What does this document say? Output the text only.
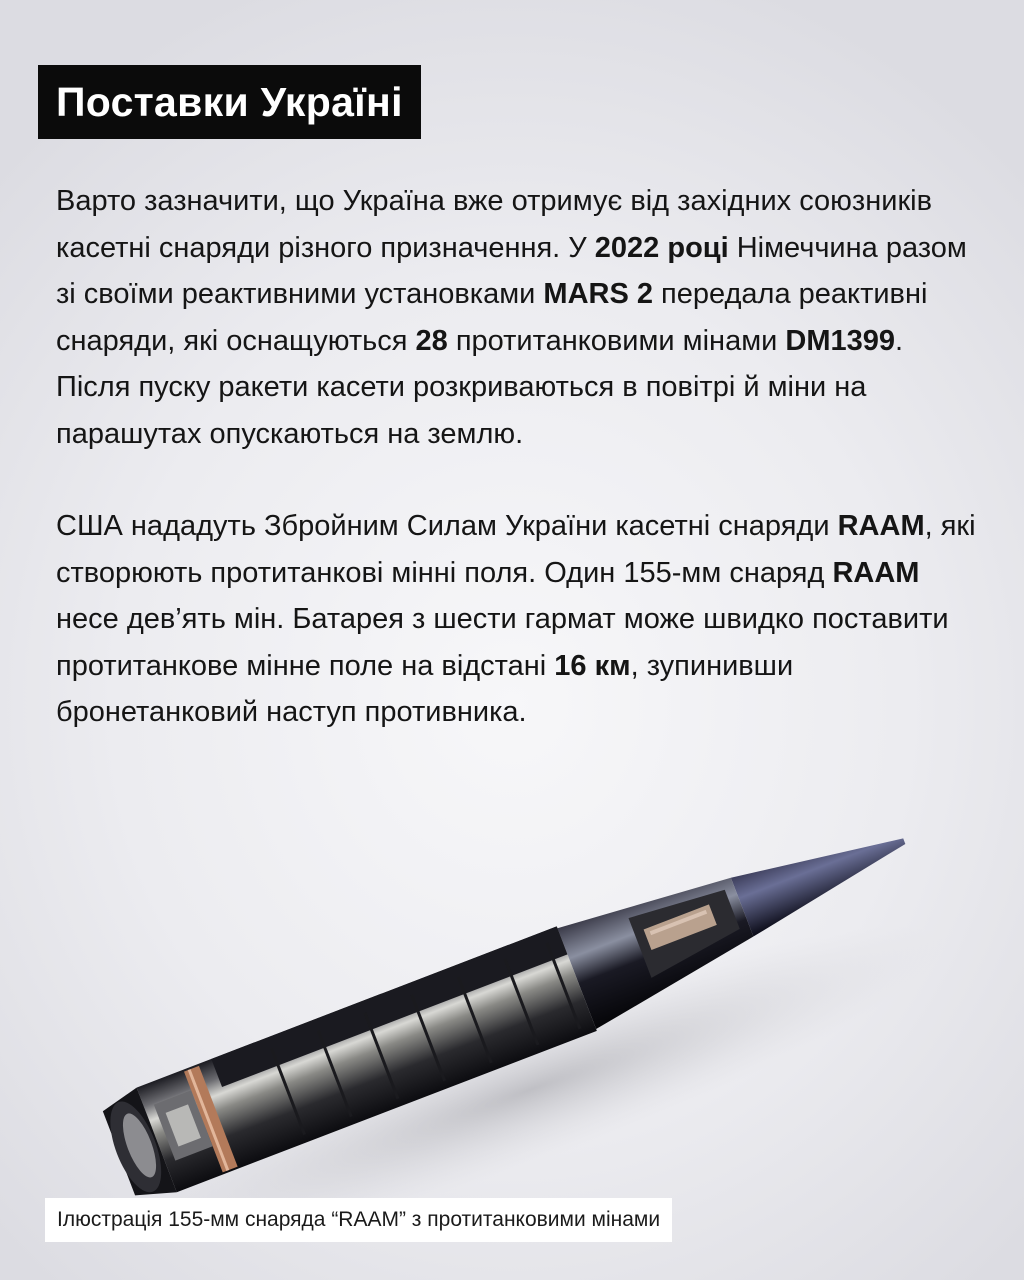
Поставки Україні

Варто зазначити, що Україна вже отримує від західних союзників касетні снаряди різного призначення. У 2022 році Німеччина разом зі своїми реактивними установками MARS 2 передала реактивні снаряди, які оснащуються 28 протитанковими мінами DM1399. Після пуску ракети касети розкриваються в повітрі й міни на парашутах опускаються на землю.

США нададуть Збройним Силам України касетні снаряди RAAM, які створюють протитанкові мінні поля. Один 155-мм снаряд RAAM несе дев’ять мін. Батарея з шести гармат може швидко поставити протитанкове мінне поле на відстані 16 км, зупинивши бронетанковий наступ противника.

Ілюстрація 155-мм снаряда “RAAM” з протитанковими мінами
